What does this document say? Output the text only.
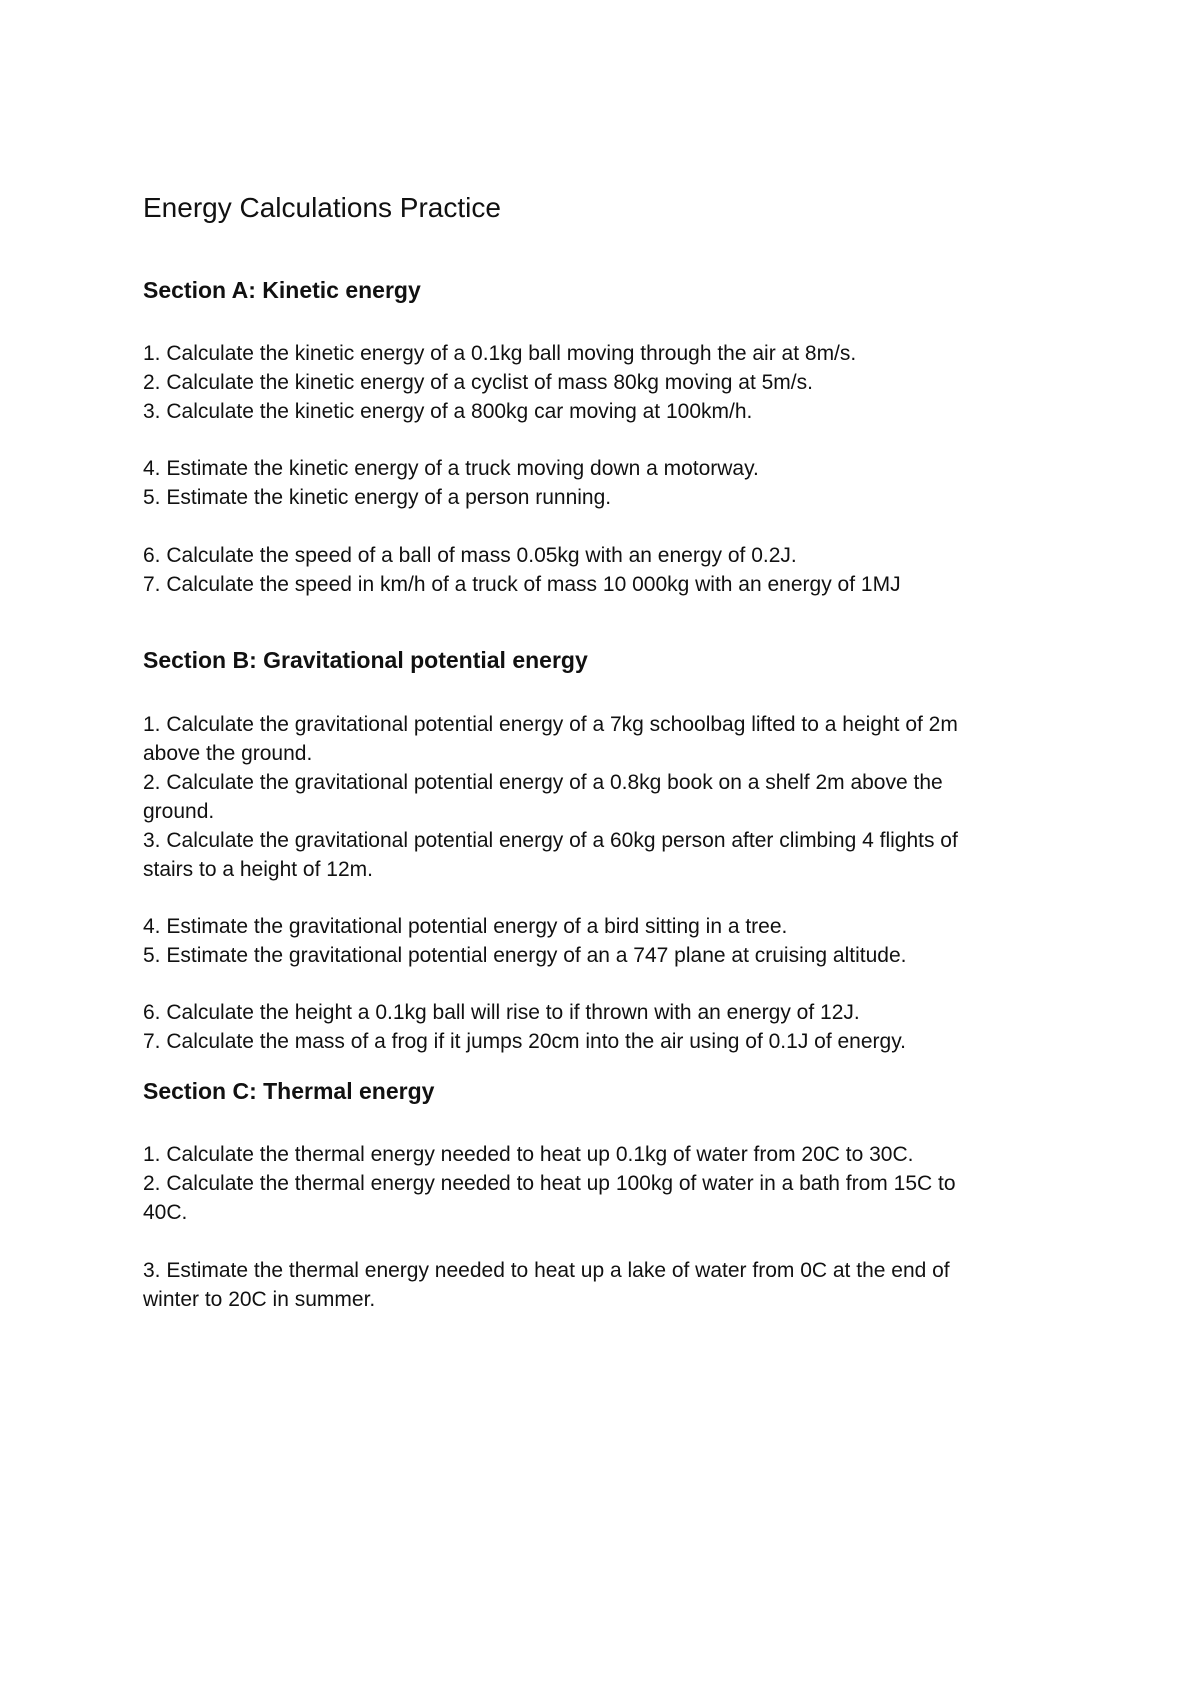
Energy Calculations Practice
Section A: Kinetic energy

1. Calculate the kinetic energy of a 0.1kg ball moving through the air at 8m/s.

2. Calculate the kinetic energy of a cyclist of mass 80kg moving at 5m/s.

3. Calculate the kinetic energy of a 800kg car moving at 100km/h.

4. Estimate the kinetic energy of a truck moving down a motorway.

5. Estimate the kinetic energy of a person running.

6. Calculate the speed of a ball of mass 0.05kg with an energy of 0.2J.

7. Calculate the speed in km/h of a truck of mass 10 000kg with an energy of 1MJ

Section B: Gravitational potential energy

1. Calculate the gravitational potential energy of a 7kg schoolbag lifted to a height of 2m

above the ground.

2. Calculate the gravitational potential energy of a 0.8kg book on a shelf 2m above the

ground.

3. Calculate the gravitational potential energy of a 60kg person after climbing 4 flights of

stairs to a height of 12m.

4. Estimate the gravitational potential energy of a bird sitting in a tree.

5. Estimate the gravitational potential energy of an a 747 plane at cruising altitude.

6. Calculate the height a 0.1kg ball will rise to if thrown with an energy of 12J.

7. Calculate the mass of a frog if it jumps 20cm into the air using of 0.1J of energy.

Section C: Thermal energy

1. Calculate the thermal energy needed to heat up 0.1kg of water from 20C to 30C.

2. Calculate the thermal energy needed to heat up 100kg of water in a bath from 15C to

40C.

3. Estimate the thermal energy needed to heat up a lake of water from 0C at the end of

winter to 20C in summer.
